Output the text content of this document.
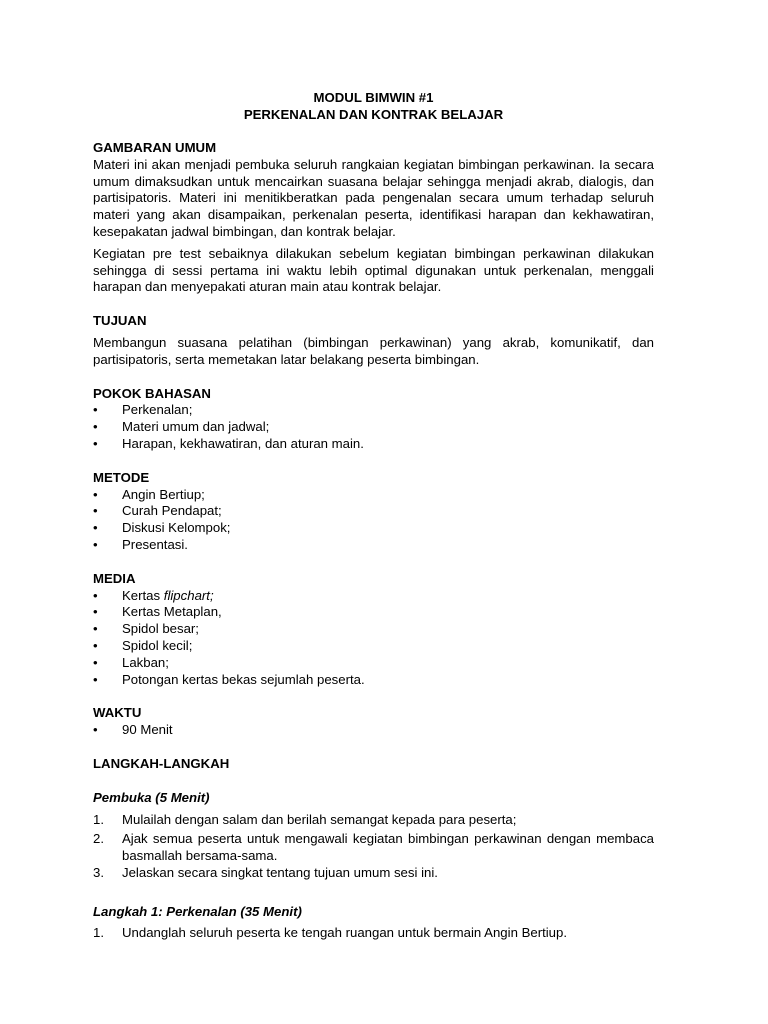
MODUL BIMWIN #1

PERKENALAN DAN KONTRAK BELAJAR

GAMBARAN UMUM

Materi ini akan menjadi pembuka seluruh rangkaian kegiatan bimbingan perkawinan. Ia secara umum dimaksudkan untuk mencairkan suasana belajar sehingga menjadi akrab, dialogis, dan partisipatoris. Materi ini menitikberatkan pada pengenalan secara umum terhadap seluruh materi yang akan disampaikan, perkenalan peserta, identifikasi harapan dan kekhawatiran, kesepakatan jadwal bimbingan, dan kontrak belajar.

Kegiatan pre test sebaiknya dilakukan sebelum kegiatan bimbingan perkawinan dilakukan sehingga di sessi pertama ini waktu lebih optimal digunakan untuk perkenalan, menggali harapan dan menyepakati aturan main atau kontrak belajar.

TUJUAN

Membangun suasana pelatihan (bimbingan perkawinan) yang akrab, komunikatif, dan partisipatoris, serta memetakan latar belakang peserta bimbingan.

POKOK BAHASAN

• Perkenalan;
• Materi umum dan jadwal;
• Harapan, kekhawatiran, dan aturan main.

METODE

• Angin Bertiup;
• Curah Pendapat;
• Diskusi Kelompok;
• Presentasi.

MEDIA

• Kertas flipchart;
• Kertas Metaplan,
• Spidol besar;
• Spidol kecil;
• Lakban;
• Potongan kertas bekas sejumlah peserta.

WAKTU

• 90 Menit

LANGKAH-LANGKAH

Pembuka (5 Menit)

1. Mulailah dengan salam dan berilah semangat kepada para peserta;
2. Ajak semua peserta untuk mengawali kegiatan bimbingan perkawinan dengan membaca basmallah bersama-sama.
3. Jelaskan secara singkat tentang tujuan umum sesi ini.

Langkah 1: Perkenalan (35 Menit)

1. Undanglah seluruh peserta ke tengah ruangan untuk bermain Angin Bertiup.
